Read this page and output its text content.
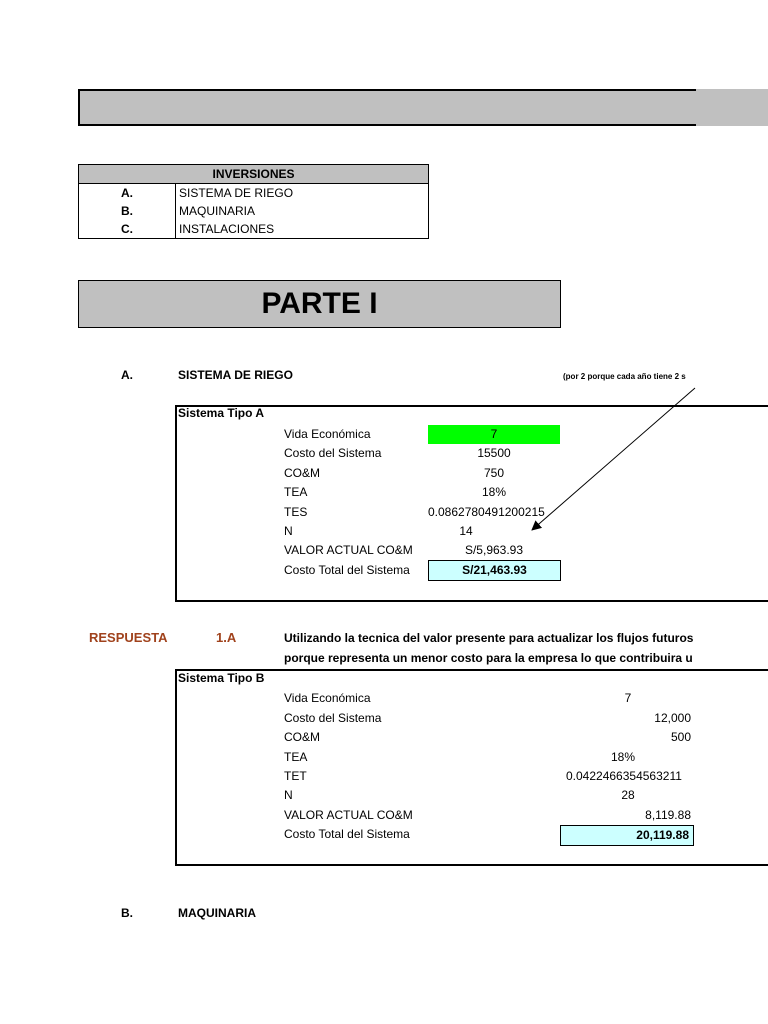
INVERSIONES	
A.	SISTEMA DE RIEGO
B.	MAQUINARIA
C.	INSTALACIONES
PARTE I
A.	SISTEMA DE RIEGO	(por 2 porque cada año tiene 2 s
Sistema Tipo A
Vida Económica	7
Costo del Sistema	15500
CO&M	750
TEA	18%
TES	0.0862780491200215
N	14
VALOR ACTUAL CO&M	S/5,963.93
Costo Total del Sistema	S/21,463.93
RESPUESTA	1.A	Utilizando la tecnica del valor presente para actualizar los flujos futuros
porque representa un menor costo para la empresa lo que contribuira u
Sistema Tipo B
Vida Económica	7
Costo del Sistema	12,000
CO&M	500
TEA	18%
TET	0.0422466354563211
N	28
VALOR ACTUAL CO&M	8,119.88
Costo Total del Sistema	20,119.88
B.	MAQUINARIA
